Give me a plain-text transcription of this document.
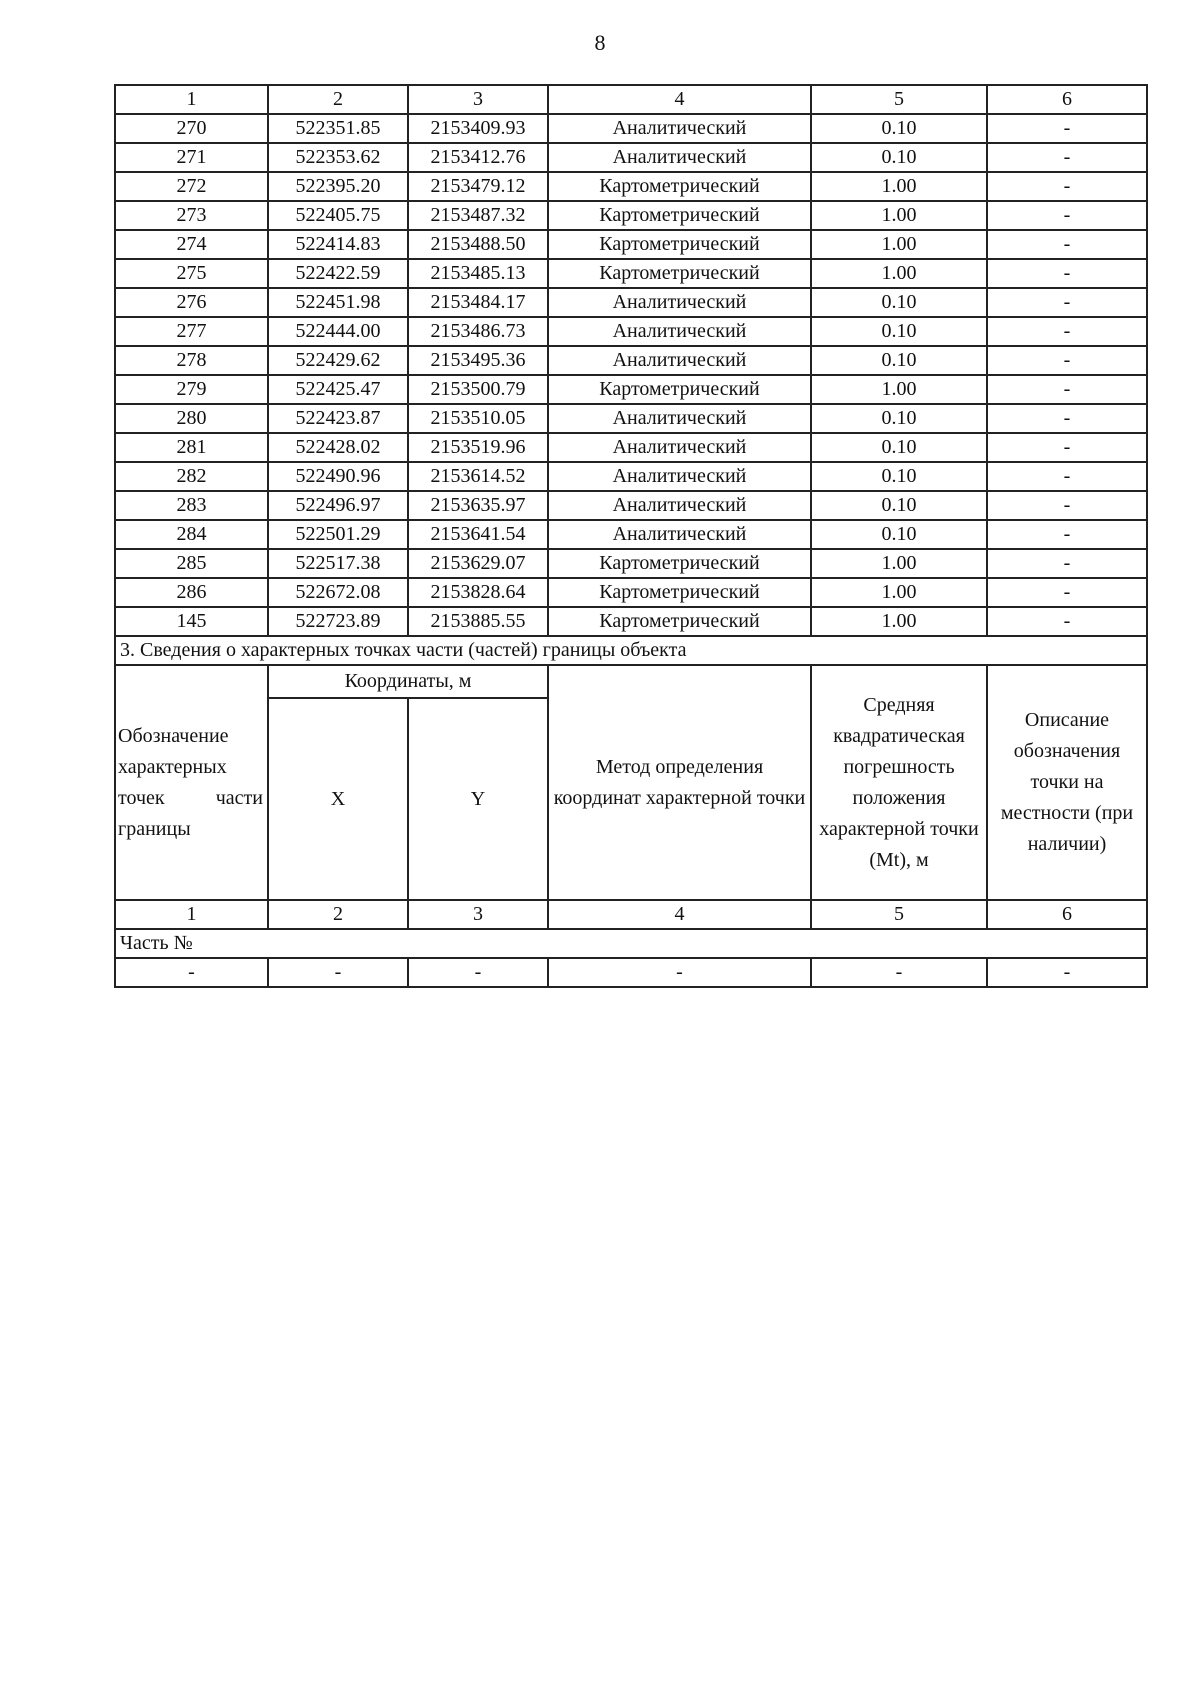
8
1	2	3	4	5	6
270	522351.85	2153409.93	Аналитический	0.10	-
271	522353.62	2153412.76	Аналитический	0.10	-
272	522395.20	2153479.12	Картометрический	1.00	-
273	522405.75	2153487.32	Картометрический	1.00	-
274	522414.83	2153488.50	Картометрический	1.00	-
275	522422.59	2153485.13	Картометрический	1.00	-
276	522451.98	2153484.17	Аналитический	0.10	-
277	522444.00	2153486.73	Аналитический	0.10	-
278	522429.62	2153495.36	Аналитический	0.10	-
279	522425.47	2153500.79	Картометрический	1.00	-
280	522423.87	2153510.05	Аналитический	0.10	-
281	522428.02	2153519.96	Аналитический	0.10	-
282	522490.96	2153614.52	Аналитический	0.10	-
283	522496.97	2153635.97	Аналитический	0.10	-
284	522501.29	2153641.54	Аналитический	0.10	-
285	522517.38	2153629.07	Картометрический	1.00	-
286	522672.08	2153828.64	Картометрический	1.00	-
145	522723.89	2153885.55	Картометрический	1.00	-
3. Сведения о характерных точках части (частей) границы объекта					
Обозначение характерных точек части границы	Координаты, м		Метод определения координат характерной точки	Средняя квадратическая погрешность положения характерной точки (Mt), м	Описание обозначения точки на местности (при наличии)
	X	Y			
1	2	3	4	5	6
Часть №					
-	-	-	-	-	-
